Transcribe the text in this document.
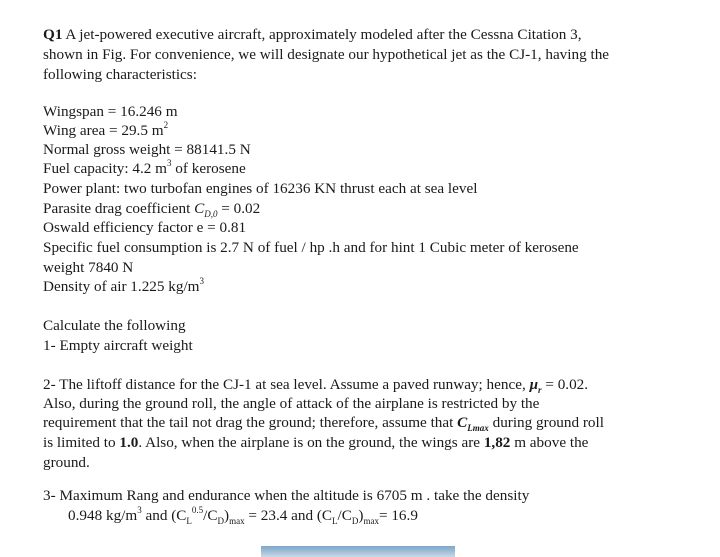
Q1 A jet-powered executive aircraft, approximately modeled after the Cessna Citation 3,
shown in Fig. For convenience, we will designate our hypothetical jet as the CJ-1, having the
following characteristics:
Wingspan = 16.246 m
Wing area = 29.5 $m^2$
Normal gross weight = 88141.5 N
Fuel capacity: 4.2 $m^3$ of kerosene
Power plant: two turbofan engines of 16236 KN thrust each at sea level
Parasite drag coefficient $C_{D,0} = 0.02$
Oswald efficiency factor e = 0.81
Specific fuel consumption is 2.7 N of fuel / hp .h and for hint 1 Cubic meter of kerosene
weight 7840 N
Density of air 1.225 $kg/m^3$
Calculate the following
1- Empty aircraft weight
2- The liftoff distance for the CJ-1 at sea level. Assume a paved runway; hence, $\mu_r = 0.02$.
Also, during the ground roll, the angle of attack of the airplane is restricted by the
requirement that the tail not drag the ground; therefore, assume that $C_{Lmax}$ during ground roll
is limited to 1.0. Also, when the airplane is on the ground, the wings are 1,82 m above the
ground.
3- Maximum Rang and endurance when the altitude is 6705 m . take the density
0.948 $kg/m^3$ and $(C_L^{0.5}/C_D)_{max} = 23.4$ and $(C_L/C_D)_{max}= 16.9$
